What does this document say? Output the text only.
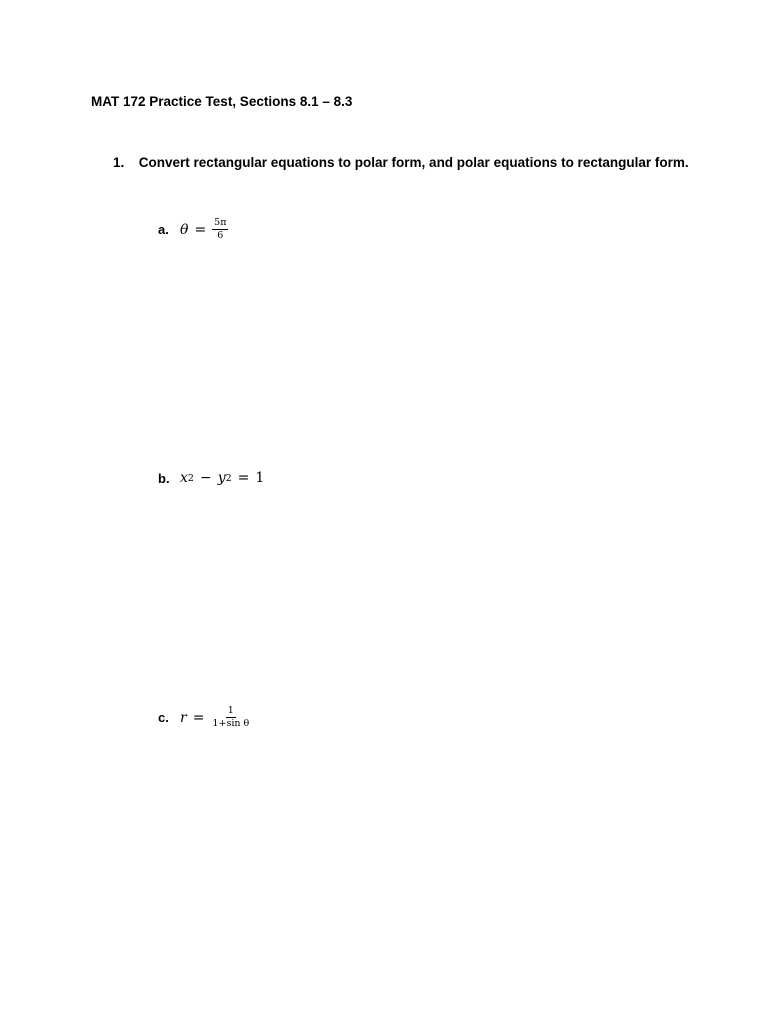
MAT 172 Practice Test, Sections 8.1 – 8.3
1. Convert rectangular equations to polar form, and polar equations to rectangular form.
a. $\theta = \frac{5\pi}{6}$
b. x 2 − y 2 = 1
c. $r = \frac{1}{\text{1+sin θ}}$
